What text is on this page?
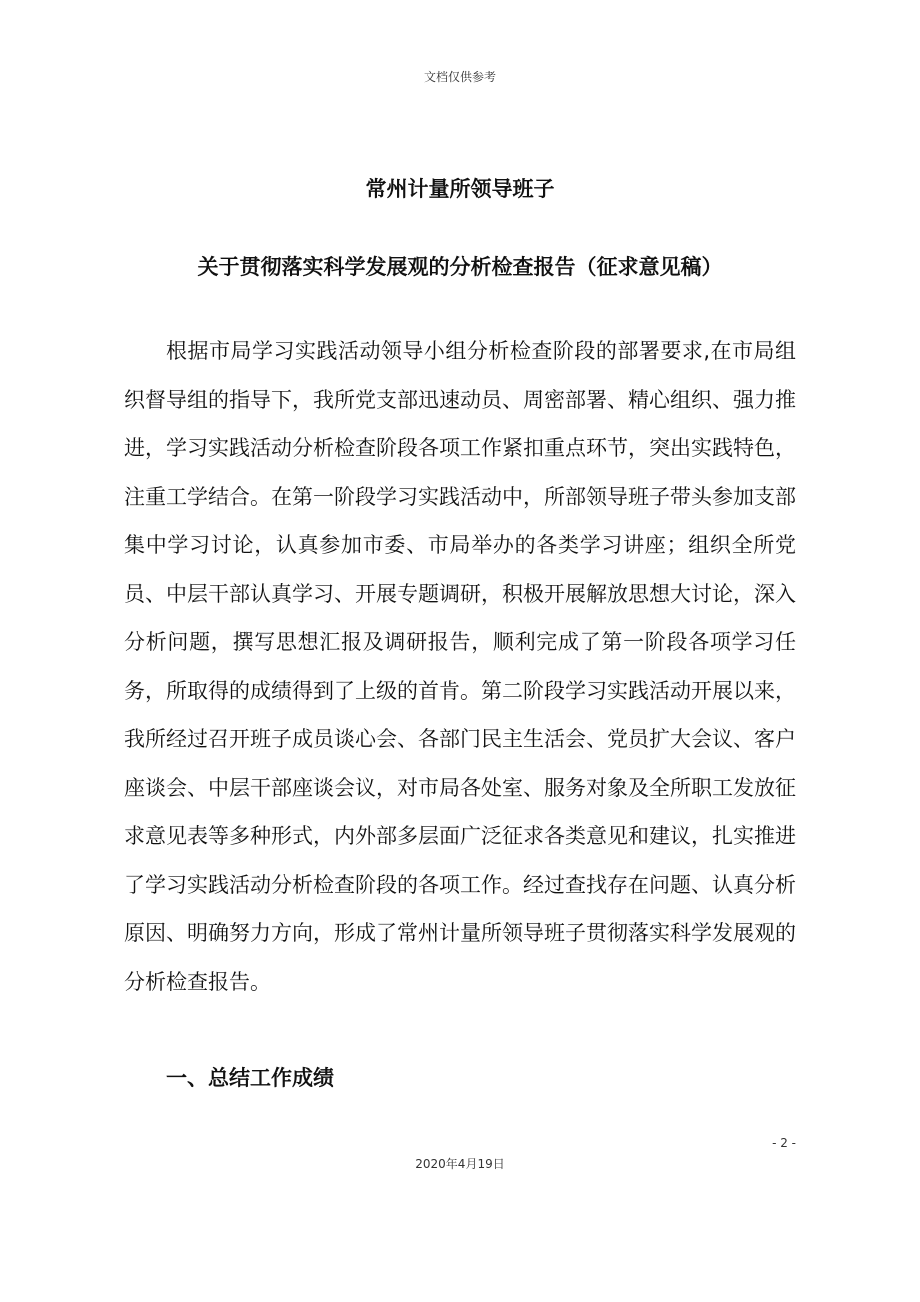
文档仅供参考
常州计量所领导班子
关于贯彻落实科学发展观的分析检查报告（征求意见稿）

根据市局学习实践活动领导小组分析检查阶段的部署要求,在市局组织督导组的指导下，我所党支部迅速动员、周密部署、精心组织、强力推进，学习实践活动分析检查阶段各项工作紧扣重点环节，突出实践特色，注重工学结合。在第一阶段学习实践活动中，所部领导班子带头参加支部集中学习讨论，认真参加市委、市局举办的各类学习讲座；组织全所党员、中层干部认真学习、开展专题调研，积极开展解放思想大讨论，深入分析问题，撰写思想汇报及调研报告，顺利完成了第一阶段各项学习任务，所取得的成绩得到了上级的首肯。第二阶段学习实践活动开展以来，我所经过召开班子成员谈心会、各部门民主生活会、党员扩大会议、客户座谈会、中层干部座谈会议，对市局各处室、服务对象及全所职工发放征求意见表等多种形式，内外部多层面广泛征求各类意见和建议，扎实推进了学习实践活动分析检查阶段的各项工作。经过查找存在问题、认真分析原因、明确努力方向，形成了常州计量所领导班子贯彻落实科学发展观的分析检查报告。

一、总结工作成绩
- 2 -
2020年4月19日
